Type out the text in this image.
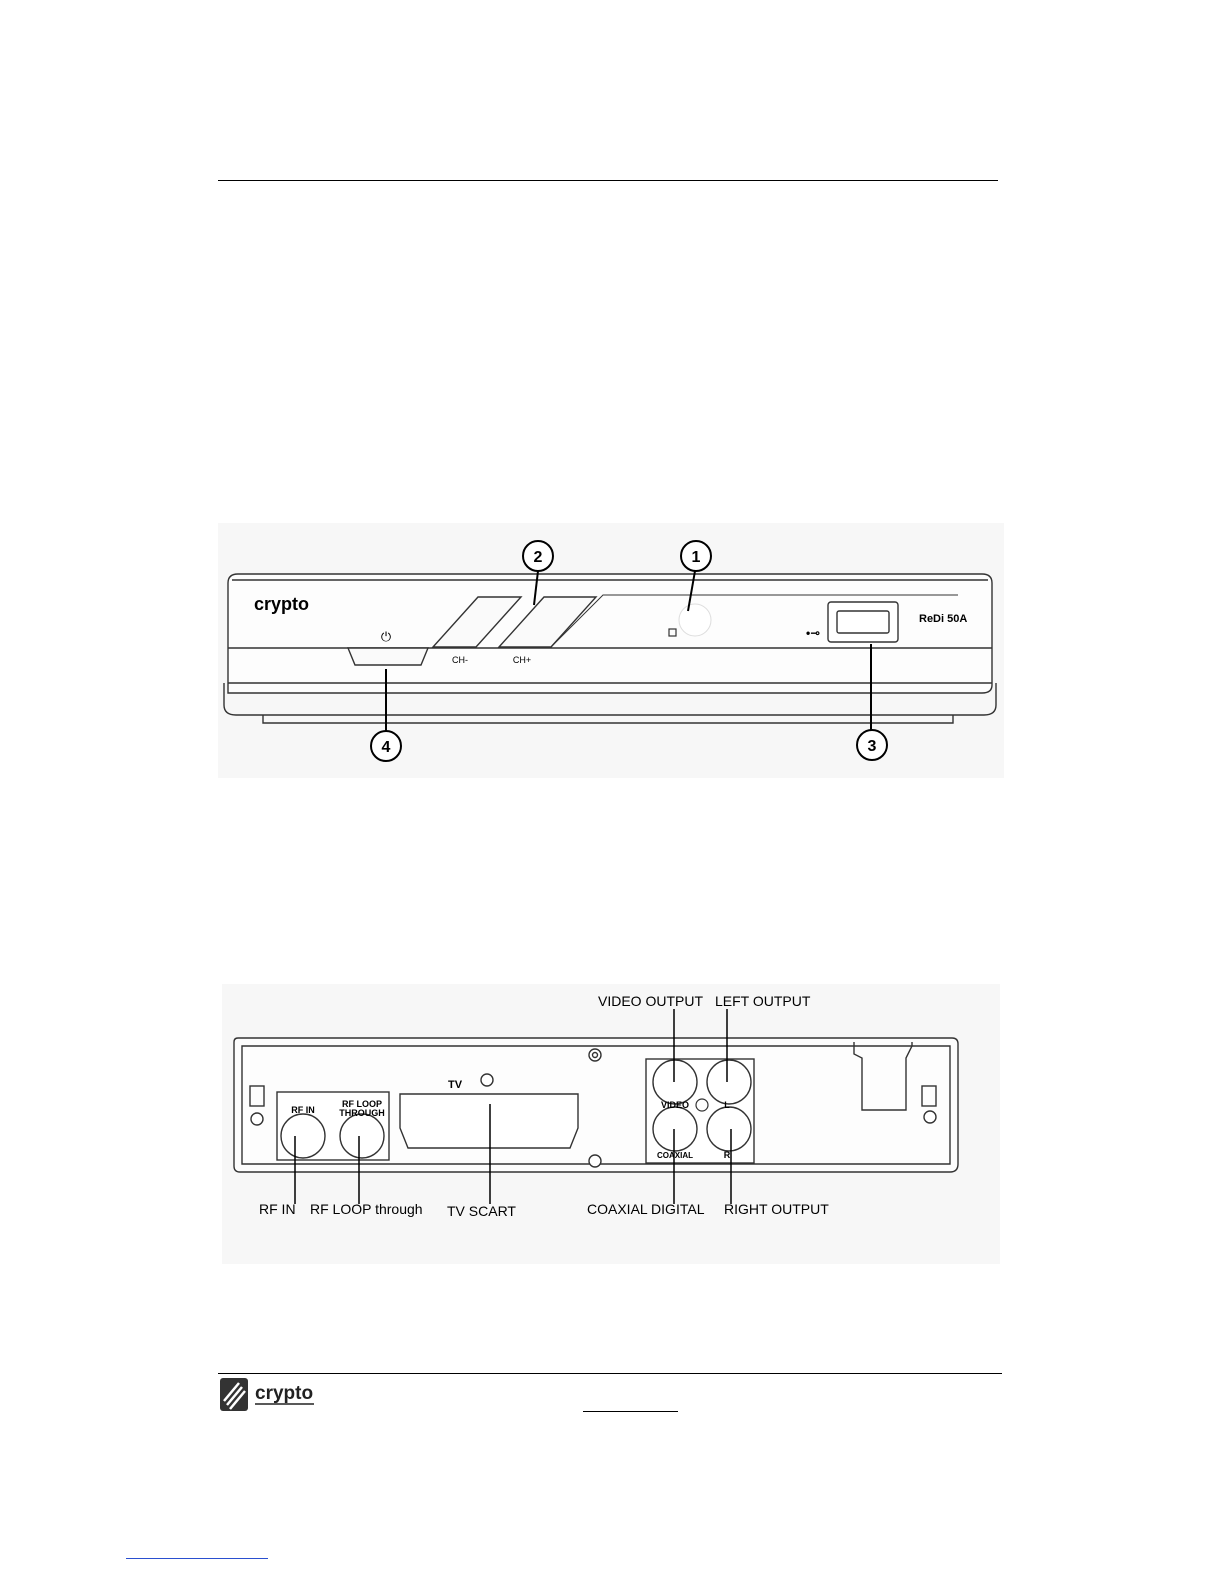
⏻	•⊸
crypto
ReDi 50A
CH-	CH+
1
2
3
4
RF IN
RF LOOP
THROUGH
TV
VIDEO	L
COAXIAL	R
VIDEO OUTPUT LEFT OUTPUT
RF IN RF LOOP through TV SCART	COAXIAL DIGITAL RIGHT OUTPUT
crypto
